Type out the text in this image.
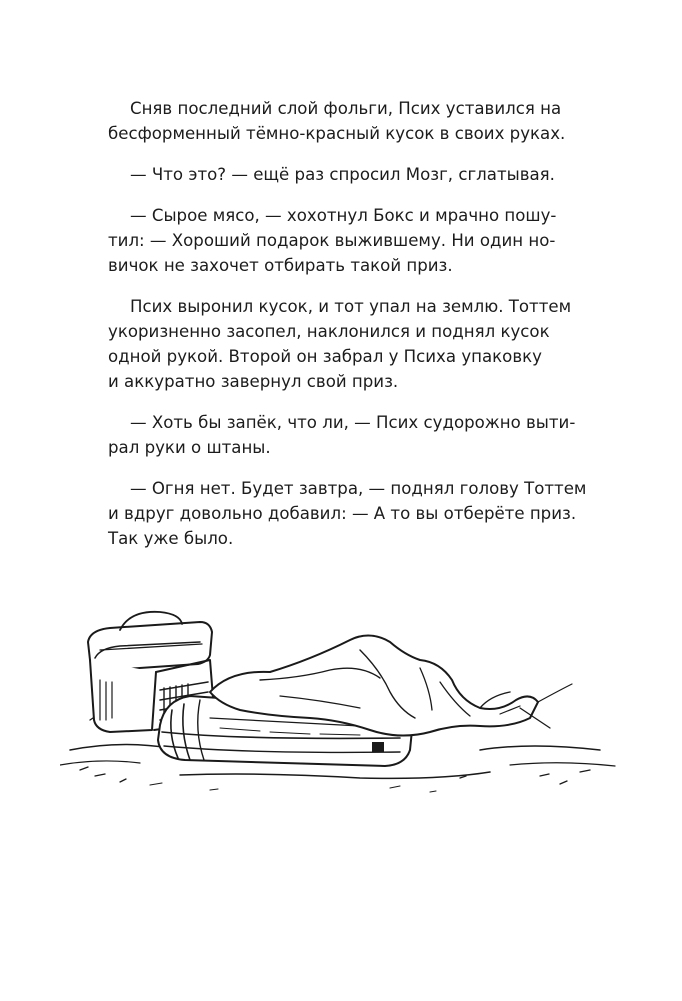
Сняв последний слой фольги, Псих уставился на
бесформенный тёмно-красный кусок в своих руках.

— Что это? — ещё раз спросил Мозг, сглатывая.

— Сырое мясо, — хохотнул Бокс и мрачно пошу-
тил: — Хороший подарок выжившему. Ни один но-
вичок не захочет отбирать такой приз.

Псих выронил кусок, и тот упал на землю. Тоттем
укоризненно засопел, наклонился и поднял кусок
одной рукой. Второй он забрал у Психа упаковку
и аккуратно завернул свой приз.

— Хоть бы запёк, что ли, — Псих судорожно выти-
рал руки о штаны.

— Огня нет. Будет завтра, — поднял голову Тоттем
и вдруг довольно добавил: — А то вы отберёте приз.
Так уже было.
